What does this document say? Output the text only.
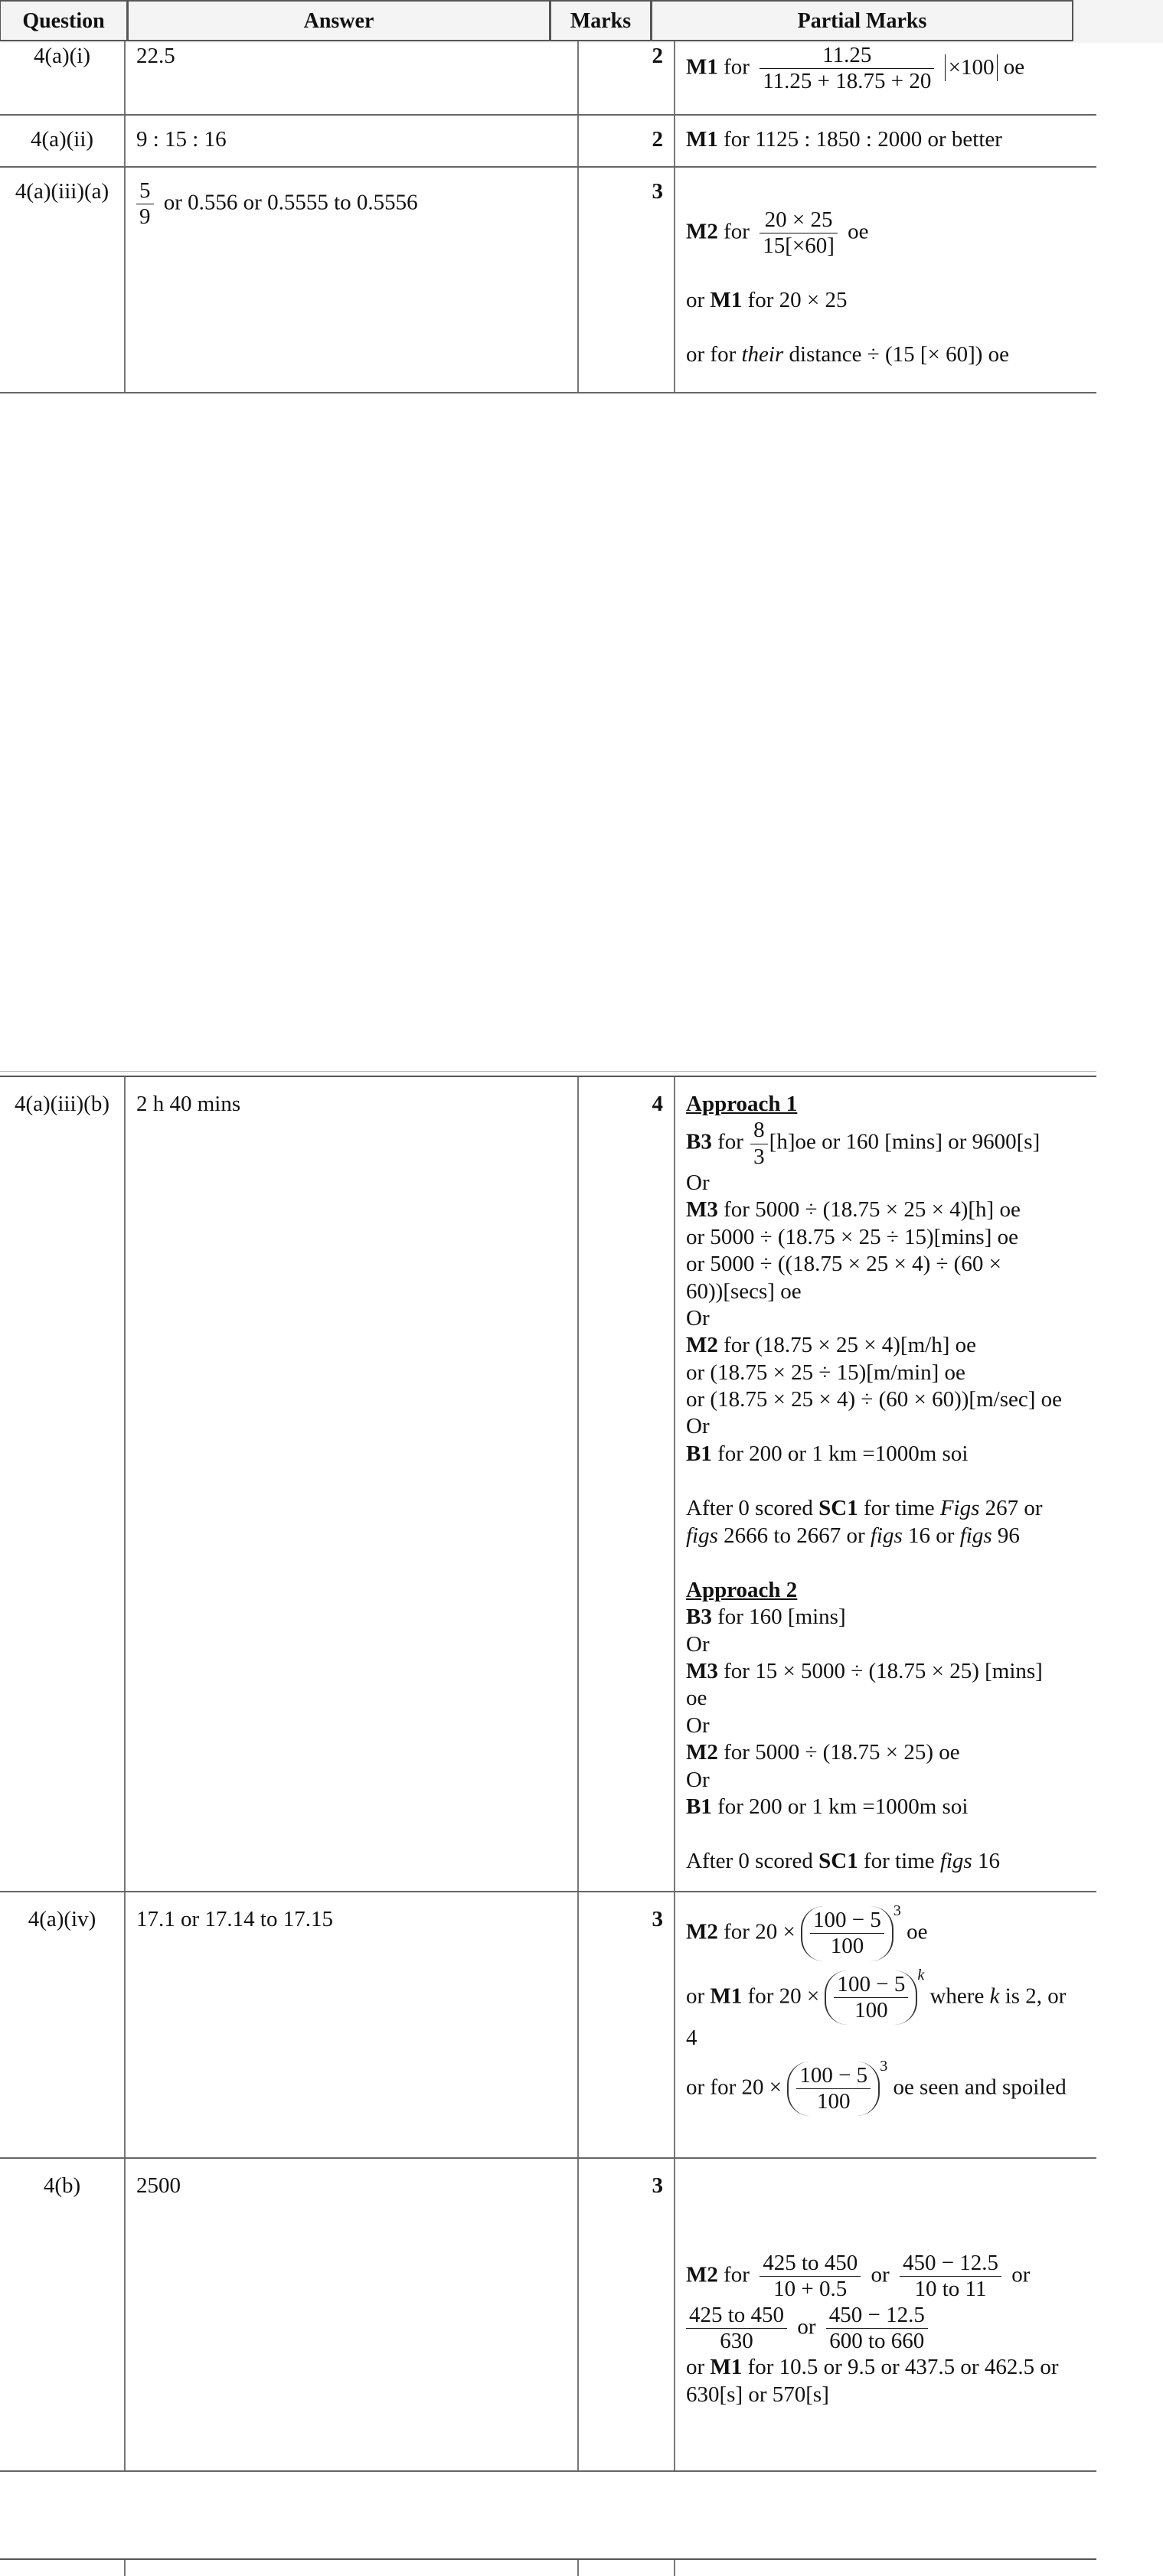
Question	Answer	Marks	Partial Marks
4(a)(i)	22.5	2	M1 for $\frac{11.25}{11.25 + 18.75 + 20} \times 100$ oe
4(a)(ii)	9 : 15 : 16	2	M1 for 1125 : 1850 : 2000 or better
4(a)(iii)(a)	$\frac{5}{9}$ or 0.556 or 0.5555 to 0.5556	3
M2 for $\frac{20 \times 25}{15[\times 60]}$ oe
or M1 for 20 × 25
or for their distance ÷ (15 [× 60]) oe
4(a)(iii)(b)	2 h 40 mins	4	Approach 1
B3 for $\frac{8}{3} [h]oe$ or 160 [mins] or 9600[s]
Or
M3 for 5000 ÷ (18.75 × 25 × 4)[h] oe
or 5000 ÷ (18.75 × 25 ÷ 15)[mins] oe
or 5000 ÷ ((18.75 × 25 × 4) ÷ (60 ×
60))[secs] oe
Or
M2 for (18.75 × 25 × 4)[m/h] oe
or (18.75 × 25 ÷ 15)[m/min] oe
or (18.75 × 25 × 4) ÷ (60 × 60))[m/sec] oe
Or
B1 for 200 or 1 km =1000m soi
After 0 scored SC1 for time Figs 267 or
figs 2666 to 2667 or figs 16 or figs 96
Approach 2
B3 for 160 [mins]
Or
M3 for 15 × 5000 ÷ (18.75 × 25) [mins]
oe
Or
M2 for 5000 ÷ (18.75 × 25) oe
Or
B1 for 200 or 1 km =1000m soi
After 0 scored SC1 for time figs 16
4(a)(iv)	17.1 or 17.14 to 17.15	3
M2 for $20 \times \frac{100 - 5}{100} ^3$ oe
or M1 for $20 \times \frac{100 - 5}{100} ^k$ where k is 2, or
4
or for $20 \times \frac{100 - 5}{100} ^3$ oe seen and spoiled
4(b)	2500	3
M2 for $\frac{425 to 450}{10 + 0.5}$ or $\frac{450 - 12.5}{10 to 11}$ or
$\frac{425 to 450}{630}$ or $\frac{450 - 12.5}{600 to 660}$
or M1 for 10.5 or 9.5 or 437.5 or 462.5 or
630[s] or 570[s]
